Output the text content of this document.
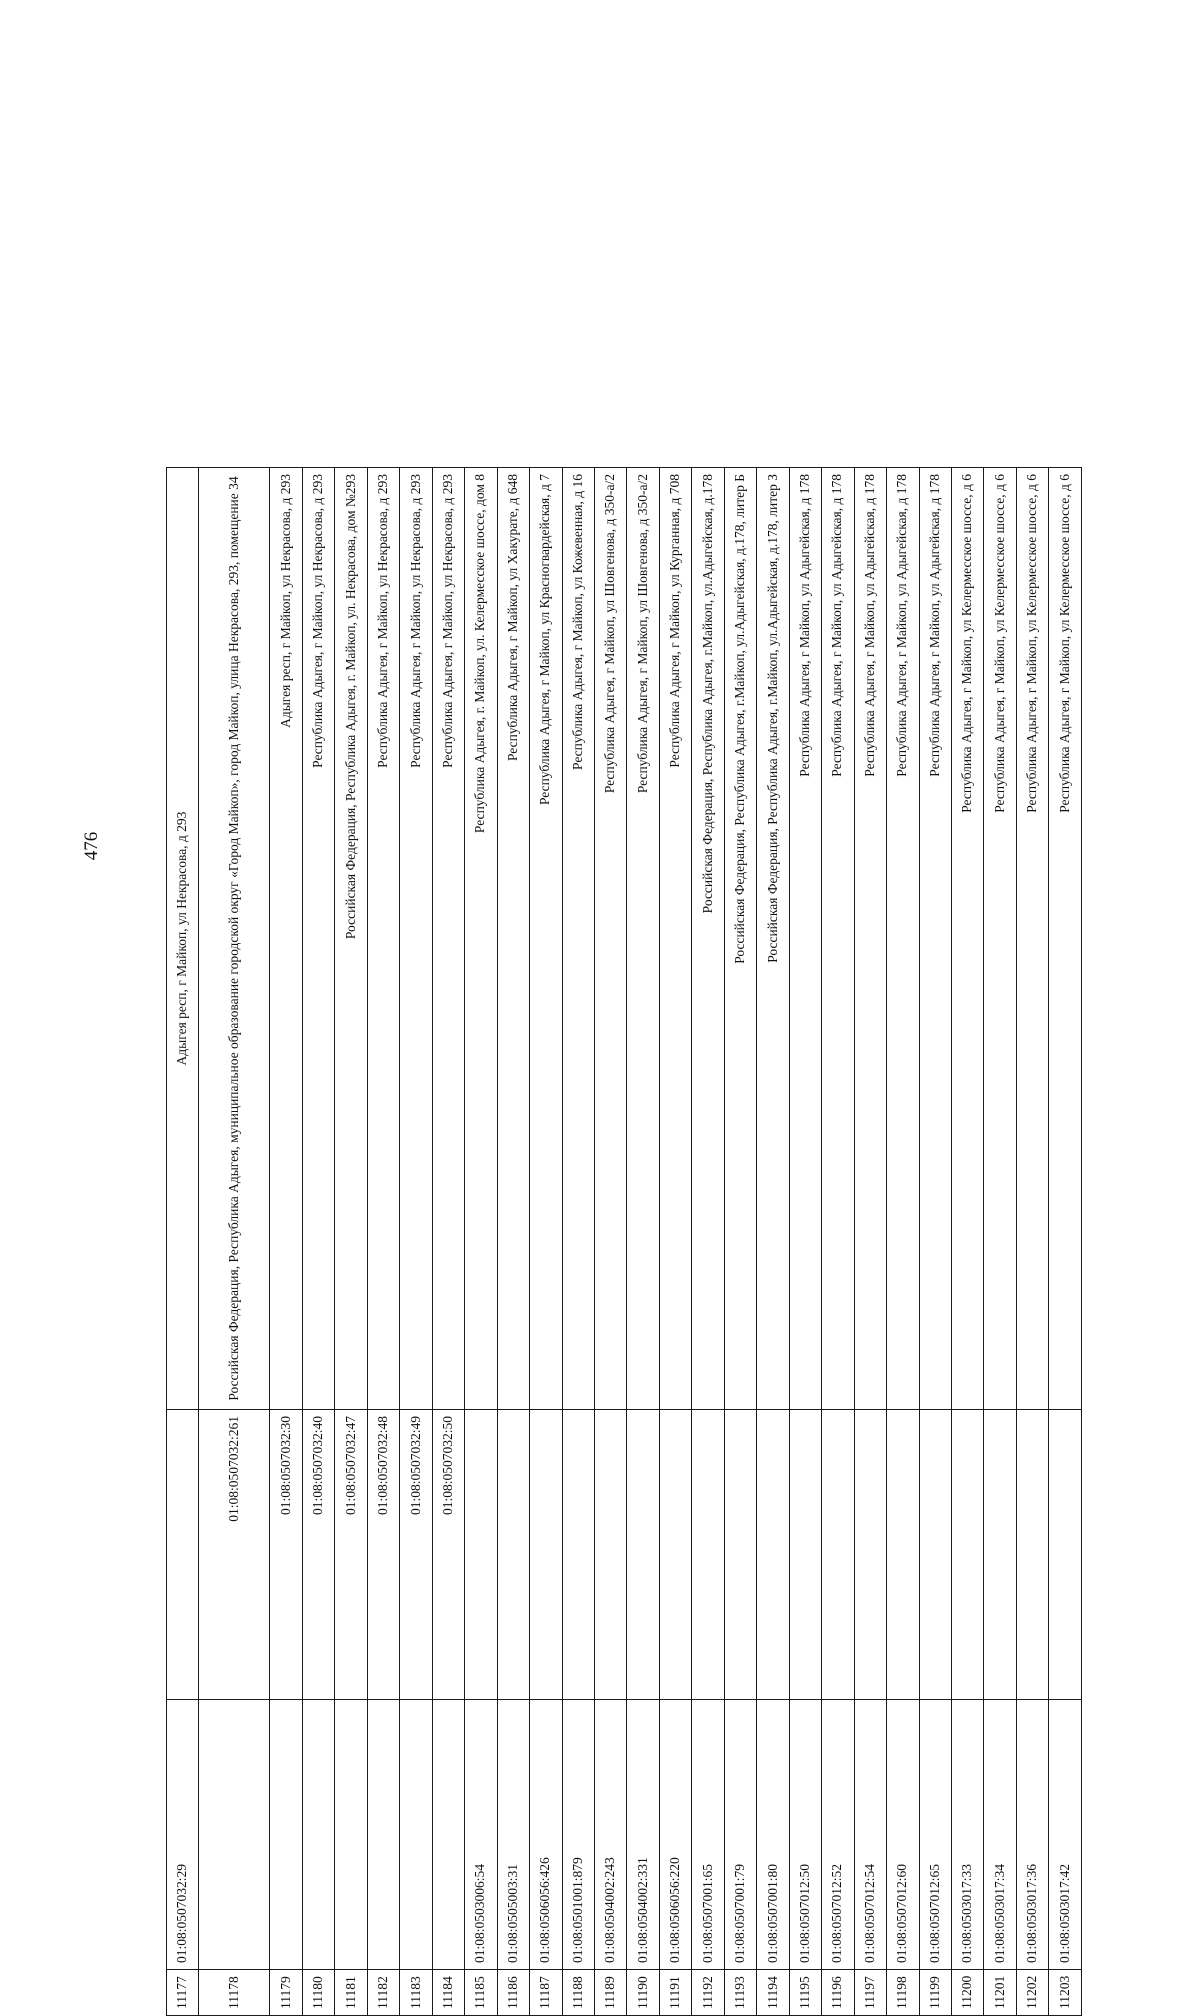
476
11177	01:08:0507032:29		Адыгея респ, г Майкоп, ул Некрасова, д 293
11178		01:08:0507032:261	Российская Федерация, Республика Адыгея, муниципальное образование городской округ «Город Майкоп», город Майкоп, улица Некрасова, 293, помещение 34
11179		01:08:0507032:30	Адыгея респ, г Майкоп, ул Некрасова, д 293
11180		01:08:0507032:40	Республика Адыгея, г Майкоп, ул Некрасова, д 293
11181		01:08:0507032:47	Российская Федерация, Республика Адыгея, г. Майкоп, ул. Некрасова, дом №293
11182		01:08:0507032:48	Республика Адыгея, г Майкоп, ул Некрасова, д 293
11183		01:08:0507032:49	Республика Адыгея, г Майкоп, ул Некрасова, д 293
11184		01:08:0507032:50	Республика Адыгея, г Майкоп, ул Некрасова, д 293
11185	01:08:0503006:54		Республика Адыгея, г. Майкоп, ул. Келермесское шоссе, дом 8
11186	01:08:0505003:31		Республика Адыгея, г Майкоп, ул Хакурате, д 648
11187	01:08:0506056:426		Республика Адыгея, г Майкоп, ул Красногвардейская, д 7
11188	01:08:0501001:879		Республика Адыгея, г Майкоп, ул Кожевенная, д 16
11189	01:08:0504002:243		Республика Адыгея, г Майкоп, ул Шовгенова, д 350-а/2
11190	01:08:0504002:331		Республика Адыгея, г Майкоп, ул Шовгенова, д 350-а/2
11191	01:08:0506056:220		Республика Адыгея, г Майкоп, ул Курганная, д 708
11192	01:08:0507001:65		Российская Федерация, Республика Адыгея, г.Майкоп, ул.Адыгейская, д.178
11193	01:08:0507001:79		Российская Федерация, Республика Адыгея, г.Майкоп, ул.Адыгейская, д.178, литер Б
11194	01:08:0507001:80		Российская Федерация, Республика Адыгея, г.Майкоп, ул.Адыгейская, д.178, литер З
11195	01:08:0507012:50		Республика Адыгея, г Майкоп, ул Адыгейская, д 178
11196	01:08:0507012:52		Республика Адыгея, г Майкоп, ул Адыгейская, д 178
11197	01:08:0507012:54		Республика Адыгея, г Майкоп, ул Адыгейская, д 178
11198	01:08:0507012:60		Республика Адыгея, г Майкоп, ул Адыгейская, д 178
11199	01:08:0507012:65		Республика Адыгея, г Майкоп, ул Адыгейская, д 178
11200	01:08:0503017:33		Республика Адыгея, г Майкоп, ул Келермесское шоссе, д 6
11201	01:08:0503017:34		Республика Адыгея, г Майкоп, ул Келермесское шоссе, д 6
11202	01:08:0503017:36		Республика Адыгея, г Майкоп, ул Келермесское шоссе, д 6
11203	01:08:0503017:42		Республика Адыгея, г Майкоп, ул Келермесское шоссе, д 6
